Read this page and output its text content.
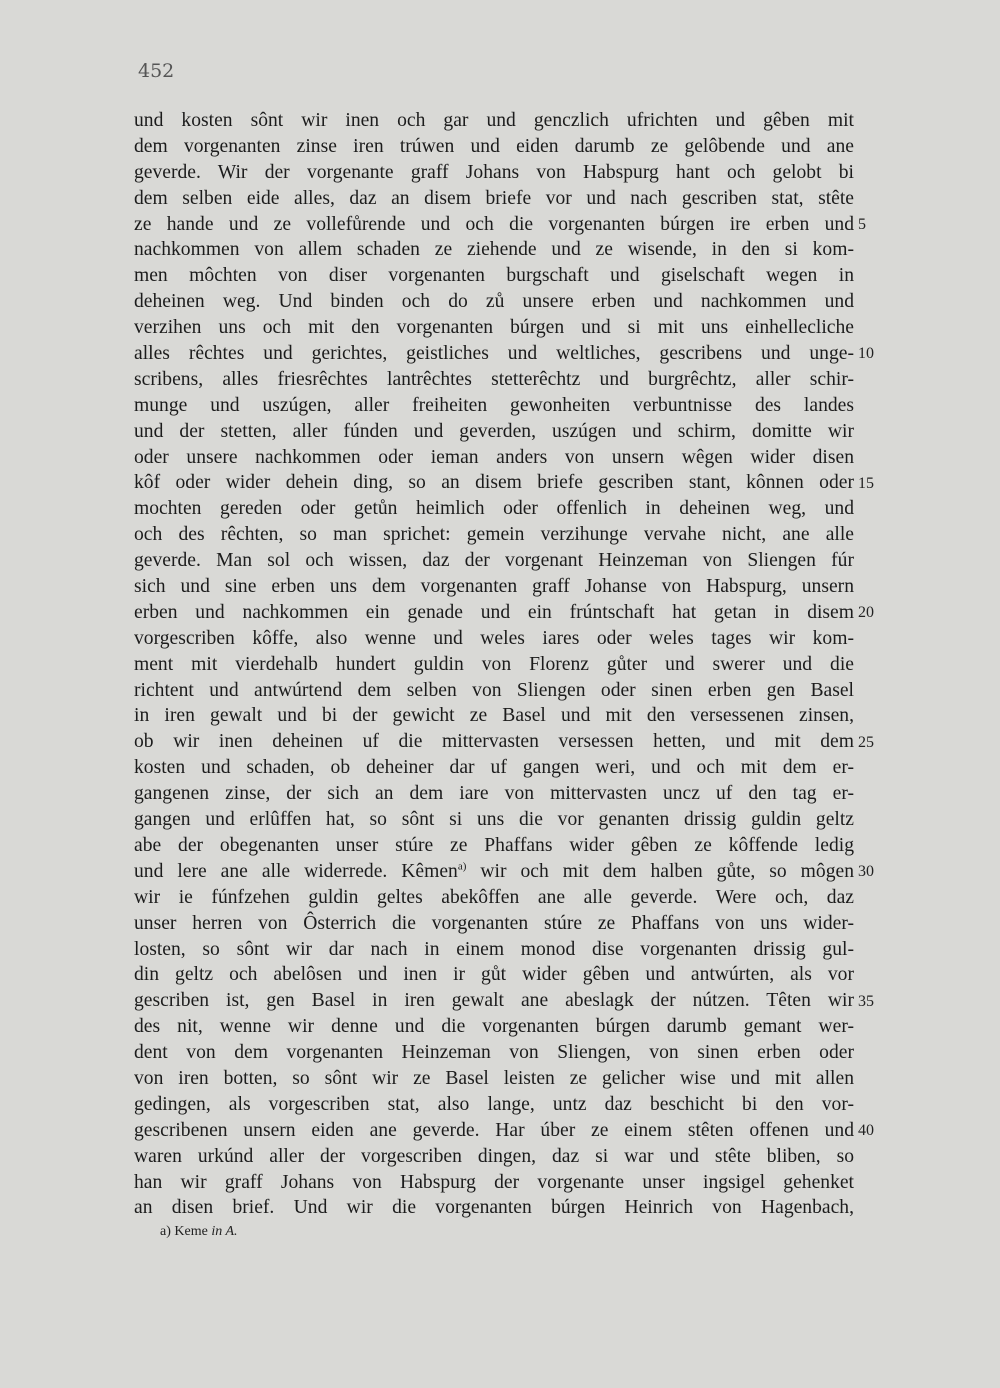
452
und kosten sônt wir inen och gar und genczlich ufrichten und gêben mit
dem vorgenanten zinse iren trúwen und eiden darumb ze gelôbende und ane
geverde. Wir der vorgenante graff Johans von Habspurg hant och gelobt bi
dem selben eide alles, daz an disem briefe vor und nach gescriben stat, stête
ze hande und ze vollefůrende und och die vorgenanten búrgen ire erben und
nachkommen von allem schaden ze ziehende und ze wisende, in den si kom-
men môchten von diser vorgenanten burgschaft und giselschaft wegen in
deheinen weg. Und binden och do zů unsere erben und nachkommen und
verzihen uns och mit den vorgenanten búrgen und si mit uns einhellecliche
alles rêchtes und gerichtes, geistliches und weltliches, gescribens und unge-
scribens, alles friesrêchtes lantrêchtes stetterêchtz und burgrêchtz, aller schir-
munge und uszúgen, aller freiheiten gewonheiten verbuntnisse des landes
und der stetten, aller fúnden und geverden, uszúgen und schirm, domitte wir
oder unsere nachkommen oder ieman anders von unsern wêgen wider disen
kôf oder wider dehein ding, so an disem briefe gescriben stant, kônnen oder
mochten gereden oder getůn heimlich oder offenlich in deheinen weg, und
och des rêchten, so man sprichet: gemein verzihunge vervahe nicht, ane alle
geverde. Man sol och wissen, daz der vorgenant Heinzeman von Sliengen fúr
sich und sine erben uns dem vorgenanten graff Johanse von Habspurg, unsern
erben und nachkommen ein genade und ein frúntschaft hat getan in disem
vorgescriben kôffe, also wenne und weles iares oder weles tages wir kom-
ment mit vierdehalb hundert guldin von Florenz gůter und swerer und die
richtent und antwúrtend dem selben von Sliengen oder sinen erben gen Basel
in iren gewalt und bi der gewicht ze Basel und mit den versessenen zinsen,
ob wir inen deheinen uf die mittervasten versessen hetten, und mit dem
kosten und schaden, ob deheiner dar uf gangen weri, und och mit dem er-
gangenen zinse, der sich an dem iare von mittervasten uncz uf den tag er-
gangen und erlûffen hat, so sônt si uns die vor genanten drissig guldin geltz
abe der obegenanten unser stúre ze Phaffans wider gêben ze kôffende ledig
und lere ane alle widerrede. Kêmen$^{a)}$ wir och mit dem halben gůte, so môgen
wir ie fúnfzehen guldin geltes abekôffen ane alle geverde. Were och, daz
unser herren von Ôsterrich die vorgenanten stúre ze Phaffans von uns wider-
losten, so sônt wir dar nach in einem monod dise vorgenanten drissig gul-
din geltz och abelôsen und inen ir gůt wider gêben und antwúrten, als vor
gescriben ist, gen Basel in iren gewalt ane abeslagk der nútzen. Têten wir
des nit, wenne wir denne und die vorgenanten búrgen darumb gemant wer-
dent von dem vorgenanten Heinzeman von Sliengen, von sinen erben oder
von iren botten, so sônt wir ze Basel leisten ze gelicher wise und mit allen
gedingen, als vorgescriben stat, also lange, untz daz beschicht bi den vor-
gescribenen unsern eiden ane geverde. Har úber ze einem stêten offenen und
waren urkúnd aller der vorgescriben dingen, daz si war und stête bliben, so
han wir graff Johans von Habspurg der vorgenante unser ingsigel gehenket
an disen brief. Und wir die vorgenanten búrgen Heinrich von Hagenbach,
5
10
15
20
25
30
35
40
a) Keme in A.
